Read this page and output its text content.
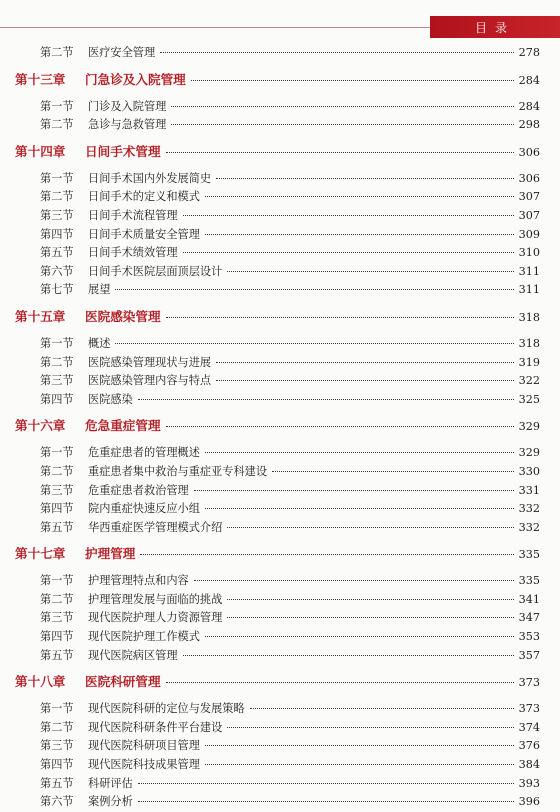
目录
第二节	医疗安全管理	278
第十三章	门急诊及入院管理	284
第一节	门诊及入院管理	284
第二节	急诊与急救管理	298
第十四章	日间手术管理	306
第一节	日间手术国内外发展简史	306
第二节	日间手术的定义和模式	307
第三节	日间手术流程管理	307
第四节	日间手术质量安全管理	309
第五节	日间手术绩效管理	310
第六节	日间手术医院层面顶层设计	311
第七节	展望	311
第十五章	医院感染管理	318
第一节	概述	318
第二节	医院感染管理现状与进展	319
第三节	医院感染管理内容与特点	322
第四节	医院感染	325
第十六章	危急重症管理	329
第一节	危重症患者的管理概述	329
第二节	重症患者集中救治与重症亚专科建设	330
第三节	危重症患者救治管理	331
第四节	院内重症快速反应小组	332
第五节	华西重症医学管理模式介绍	332
第十七章	护理管理	335
第一节	护理管理特点和内容	335
第二节	护理管理发展与面临的挑战	341
第三节	现代医院护理人力资源管理	347
第四节	现代医院护理工作模式	353
第五节	现代医院病区管理	357
第十八章	医院科研管理	373
第一节	现代医院科研的定位与发展策略	373
第二节	现代医院科研条件平台建设	374
第三节	现代医院科研项目管理	376
第四节	现代医院科技成果管理	384
第五节	科研评估	393
第六节	案例分析	396
